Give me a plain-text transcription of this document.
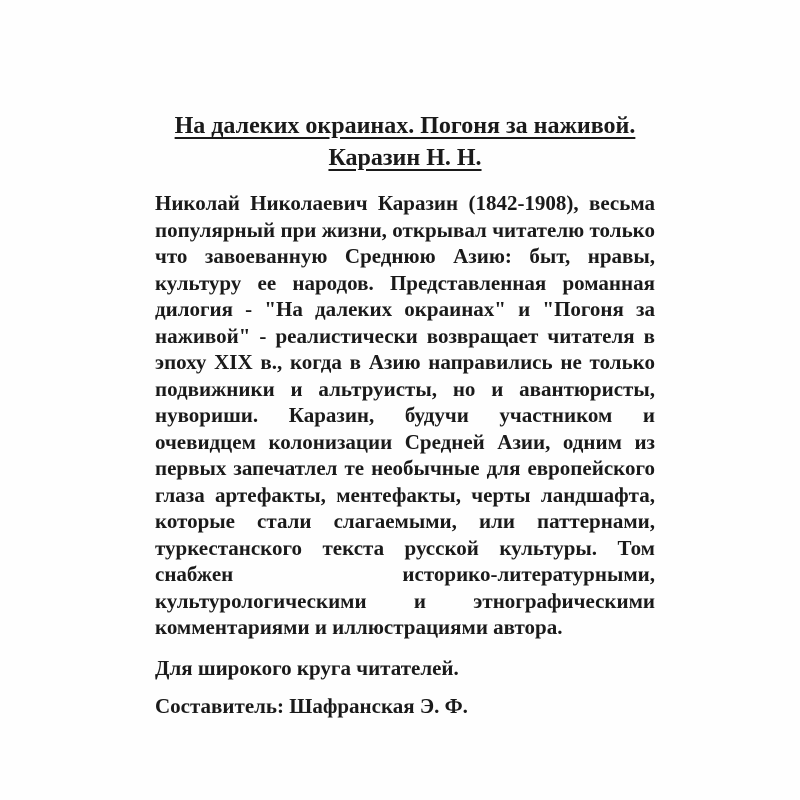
На далеких окраинах. Погоня за наживой.
Каразин Н. Н.

Николай Николаевич Каразин (1842-1908), весьма популярный при жизни, открывал читателю только что завоеванную Среднюю Азию: быт, нравы, культуру ее народов. Представленная романная дилогия - "На далеких окраинах" и "Погоня за наживой" - реалистически возвращает читателя в эпоху XIX в., когда в Азию направились не только подвижники и альтруисты, но и авантюристы, нувориши. Каразин, будучи участником и очевидцем колонизации Средней Азии, одним из первых запечатлел те необычные для европейского глаза артефакты, ментефакты, черты ландшафта, которые стали слагаемыми, или паттернами, туркестанского текста русской культуры. Том снабжен историко-литературными, культурологическими и этнографическими комментариями и иллюстрациями автора.

Для широкого круга читателей.

Составитель: Шафранская Э. Ф.
